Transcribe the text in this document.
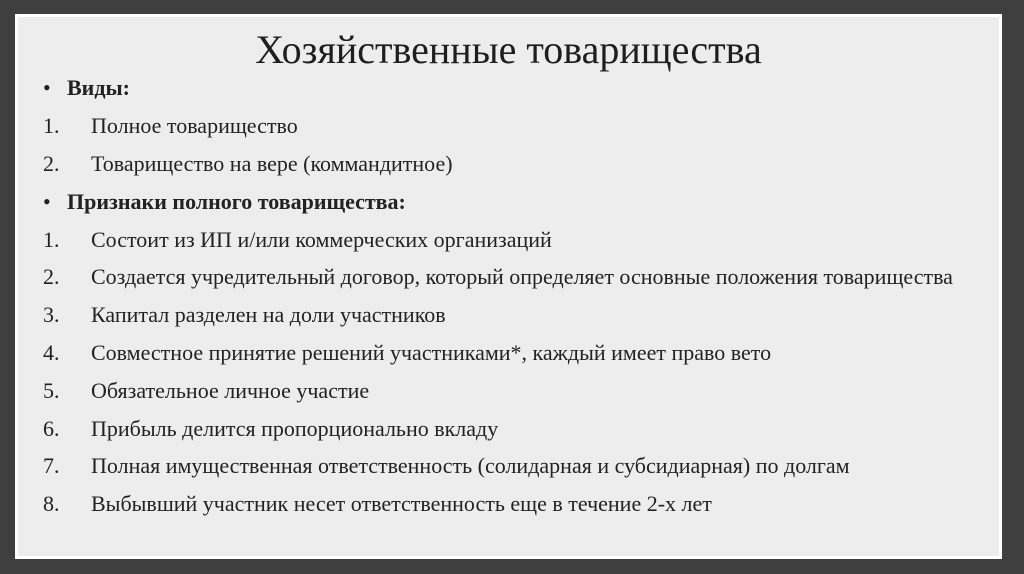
Хозяйственные товарищества
• Виды:
1.	Полное товарищество
2.	Товарищество на вере (коммандитное)
• Признаки полного товарищества:
1.	Состоит из ИП и/или коммерческих организаций
2.	Создается учредительный договор, который определяет основные положения товарищества
3.	Капитал разделен на доли участников
4.	Совместное принятие решений участниками*, каждый имеет право вето
5.	Обязательное личное участие
6.	Прибыль делится пропорционально вкладу
7.	Полная имущественная ответственность (солидарная и субсидиарная) по долгам
8.	Выбывший участник несет ответственность еще в течение 2-х лет
